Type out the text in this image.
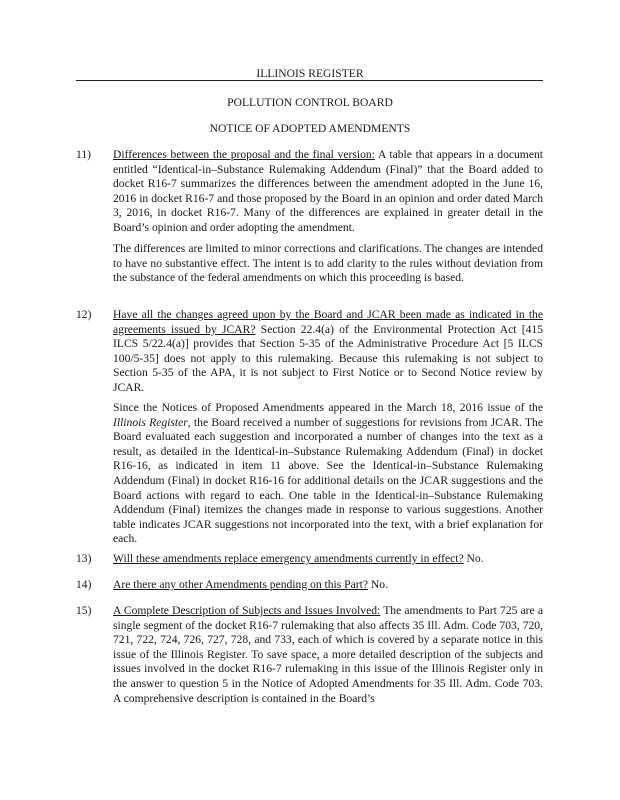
ILLINOIS REGISTER
POLLUTION CONTROL BOARD
NOTICE OF ADOPTED AMENDMENTS
11)	Differences between the proposal and the final version: A table that appears in a document entitled “Identical-in–Substance Rulemaking Addendum (Final)” that the Board added to docket R16-7 summarizes the differences between the amendment adopted in the June 16, 2016 in docket R16-7 and those proposed by the Board in an opinion and order dated March 3, 2016, in docket R16-7. Many of the differences are explained in greater detail in the Board’s opinion and order adopting the amendment.

The differences are limited to minor corrections and clarifications. The changes are intended to have no substantive effect. The intent is to add clarity to the rules without deviation from the substance of the federal amendments on which this proceeding is based.

12)	Have all the changes agreed upon by the Board and JCAR been made as indicated in the agreements issued by JCAR? Section 22.4(a) of the Environmental Protection Act [415 ILCS 5/22.4(a)] provides that Section 5-35 of the Administrative Procedure Act [5 ILCS 100/5-35] does not apply to this rulemaking. Because this rulemaking is not subject to Section 5-35 of the APA, it is not subject to First Notice or to Second Notice review by JCAR.

Since the Notices of Proposed Amendments appeared in the March 18, 2016 issue of the Illinois Register, the Board received a number of suggestions for revisions from JCAR. The Board evaluated each suggestion and incorporated a number of changes into the text as a result, as detailed in the Identical-in–Substance Rulemaking Addendum (Final) in docket R16-16, as indicated in item 11 above. See the Identical-in–Substance Rulemaking Addendum (Final) in docket R16-16 for additional details on the JCAR suggestions and the Board actions with regard to each. One table in the Identical-in–Substance Rulemaking Addendum (Final) itemizes the changes made in response to various suggestions. Another table indicates JCAR suggestions not incorporated into the text, with a brief explanation for each.

13)	Will these amendments replace emergency amendments currently in effect? No.

14)	Are there any other Amendments pending on this Part? No.

15)	A Complete Description of Subjects and Issues Involved: The amendments to Part 725 are a single segment of the docket R16-7 rulemaking that also affects 35 Ill. Adm. Code 703, 720, 721, 722, 724, 726, 727, 728, and 733, each of which is covered by a separate notice in this issue of the Illinois Register. To save space, a more detailed description of the subjects and issues involved in the docket R16-7 rulemaking in this issue of the Illinois Register only in the answer to question 5 in the Notice of Adopted Amendments for 35 Ill. Adm. Code 703. A comprehensive description is contained in the Board’s
